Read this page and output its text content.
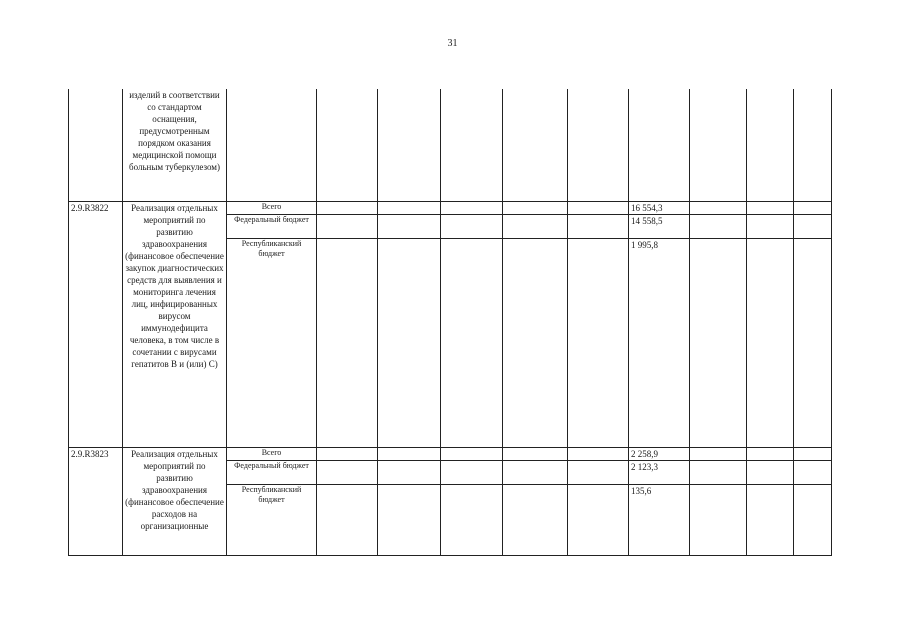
31
	изделий в соответствии со стандартом оснащения, предусмотренным порядком оказания медицинской помощи больным туберкулезом)										
2.9.R3822	Реализация отдельных мероприятий по развитию здравоохранения (финансовое обеспечение закупок диагностических средств для выявления и мониторинга лечения лиц, инфицированных вирусом иммунодефицита человека, в том числе в сочетании с вирусами гепатитов В и (или) С)	Всего						16 554,3			
		Федеральный бюджет						14 558,5			
		Республиканский бюджет						1 995,8			
2.9.R3823	Реализация отдельных мероприятий по развитию здравоохранения (финансовое обеспечение расходов на организационные	Всего						2 258,9			
		Федеральный бюджет						2 123,3			
		Республиканский бюджет						135,6			
